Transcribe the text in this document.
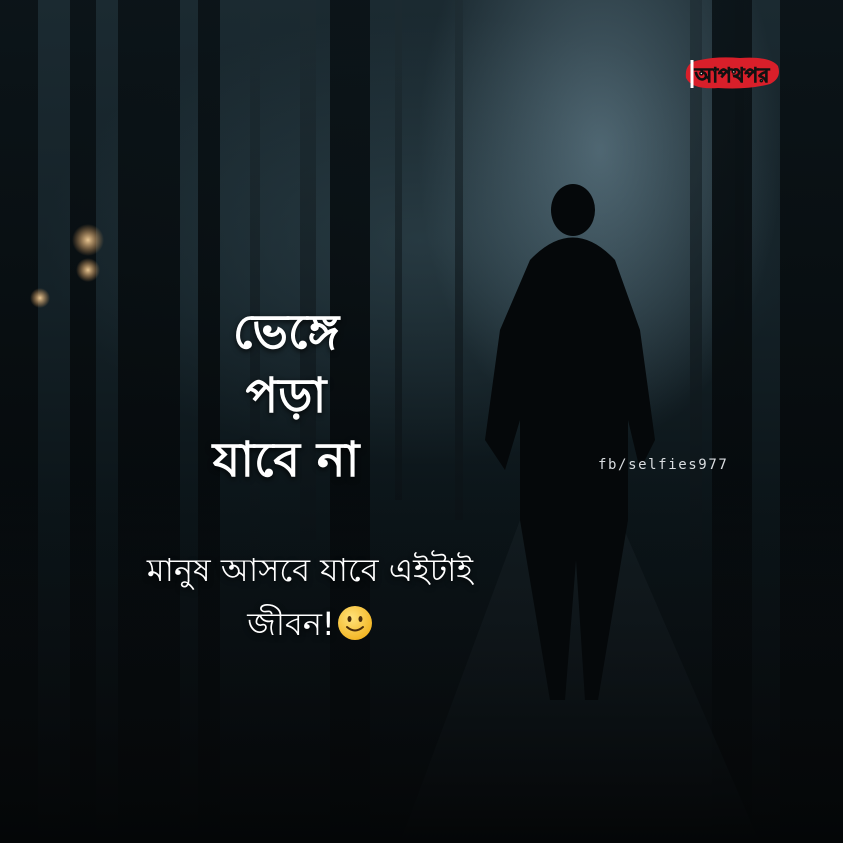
আপথপর
ভেঙ্গে
পড়া
যাবে না	fb/selfies977
মানুষ আসবে যাবে এইটাই
জীবন!
